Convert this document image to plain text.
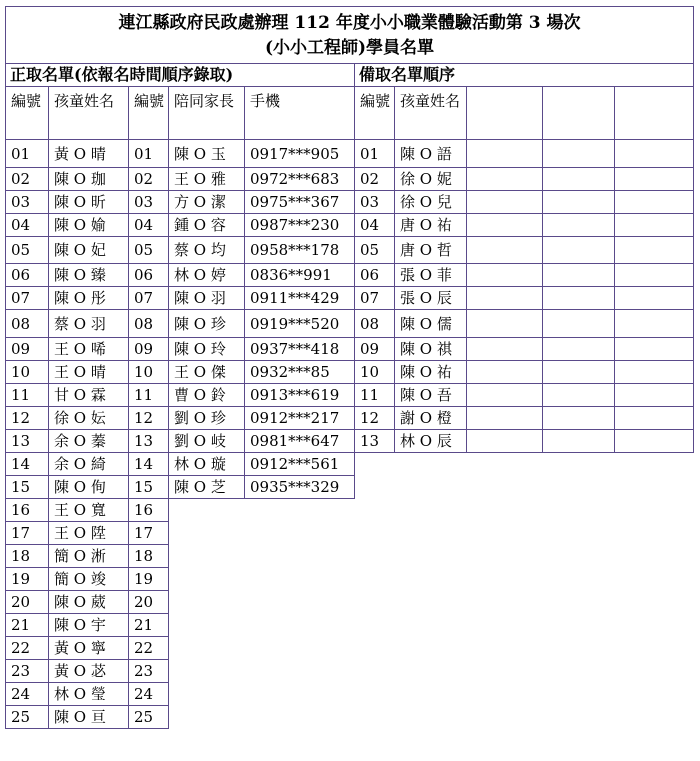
連江縣政府民政處辦理 112 年度小小職業體驗活動第 3 場次
(小小工程師)學員名單									

正取名單(依報名時間順序錄取)					備取名單順序				
編號	孩童姓名	編號	陪同家長	手機	編號	孩童姓名			
01	黃 O 晴	01	陳 O 玉	0917***905	01	陳 O 語			
02	陳 O 珈	02	王 O 雅	0972***683	02	徐 O 妮			
03	陳 O 昕	03	方 O 潔	0975***367	03	徐 O 兒			
04	陳 O 媮	04	鍾 O 容	0987***230	04	唐 O 祐			
05	陳 O 妃	05	蔡 O 均	0958***178	05	唐 O 哲			
06	陳 O 臻	06	林 O 婷	0836**991	06	張 O 菲			
07	陳 O 彤	07	陳 O 羽	0911***429	07	張 O 辰			
08	蔡 O 羽	08	陳 O 珍	0919***520	08	陳 O 儒			
09	王 O 唏	09	陳 O 玲	0937***418	09	陳 O 祺			
10	王 O 晴	10	王 O 傑	0932***85	10	陳 O 祐			
11	甘 O 霖	11	曹 O 鈴	0913***619	11	陳 O 吾			
12	徐 O 妘	12	劉 O 珍	0912***217	12	謝 O 橙			
13	余 O 蓁	13	劉 O 岐	0981***647	13	林 O 辰			
14	余 O 綺	14	林 O 璇	0912***561					
15	陳 O 侚	15	陳 O 芝	0935***329					
16	王 O 寬	16							
17	王 O 陞	17							
18	簡 O 淅	18							
19	簡 O 竣	19							
20	陳 O 葳	20							
21	陳 O 宇	21							
22	黃 O 寧	22							
23	黃 O 苾	23							
24	林 O 瑩	24							
25	陳 O 亘	25							
